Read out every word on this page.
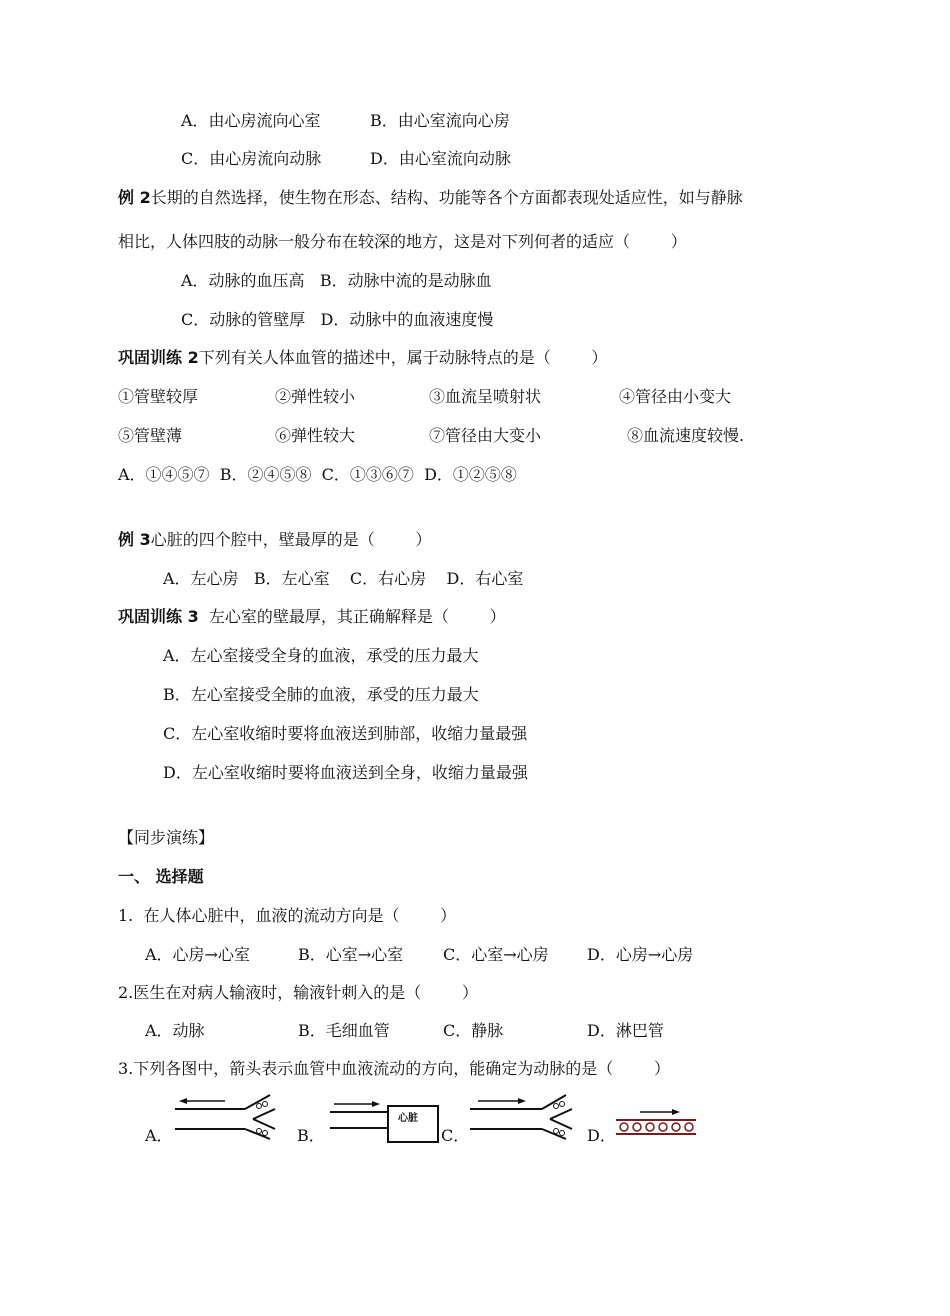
A．由心房流向心室	B．由心室流向心房
C．由心房流向动脉	D．由心室流向动脉
例 2长期的自然选择，使生物在形态、结构、功能等各个方面都表现处适应性，如与静脉
相比，人体四肢的动脉一般分布在较深的地方，这是对下列何者的适应（        ）
A．动脉的血压高   B．动脉中流的是动脉血
C．动脉的管壁厚   D．动脉中的血液速度慢
巩固训练 2下列有关人体血管的描述中，属于动脉特点的是（        ）
①管壁较厚	②弹性较小	③血流呈喷射状	④管径由小变大
⑤管壁薄	⑥弹性较大	⑦管径由大变小	⑧血流速度较慢.
A．①④⑤⑦  B．②④⑤⑧  C．①③⑥⑦  D．①②⑤⑧
例 3心脏的四个腔中，壁最厚的是（        ）
A．左心房   B．左心室    C．右心房    D．右心室
巩固训练 3  左心室的壁最厚，其正确解释是（        ）
A．左心室接受全身的血液，承受的压力最大
B．左心室接受全肺的血液，承受的压力最大
C．左心室收缩时要将血液送到肺部，收缩力量最强
D．左心室收缩时要将血液送到全身，收缩力量最强
【同步演练】
一、 选择题
1.  在人体心脏中，血液的流动方向是（        ）
A．心房→心室	B．心室→心室 C．心室→心房 D．心房→心房
2.医生在对病人输液时，输液针刺入的是（        ）
A．动脉	B．毛细血管	C．静脉	D．淋巴管
3.下列各图中，箭头表示血管中血液流动的方向，能确定为动脉的是（        ）
A．	B．
心脏
C．	D．
